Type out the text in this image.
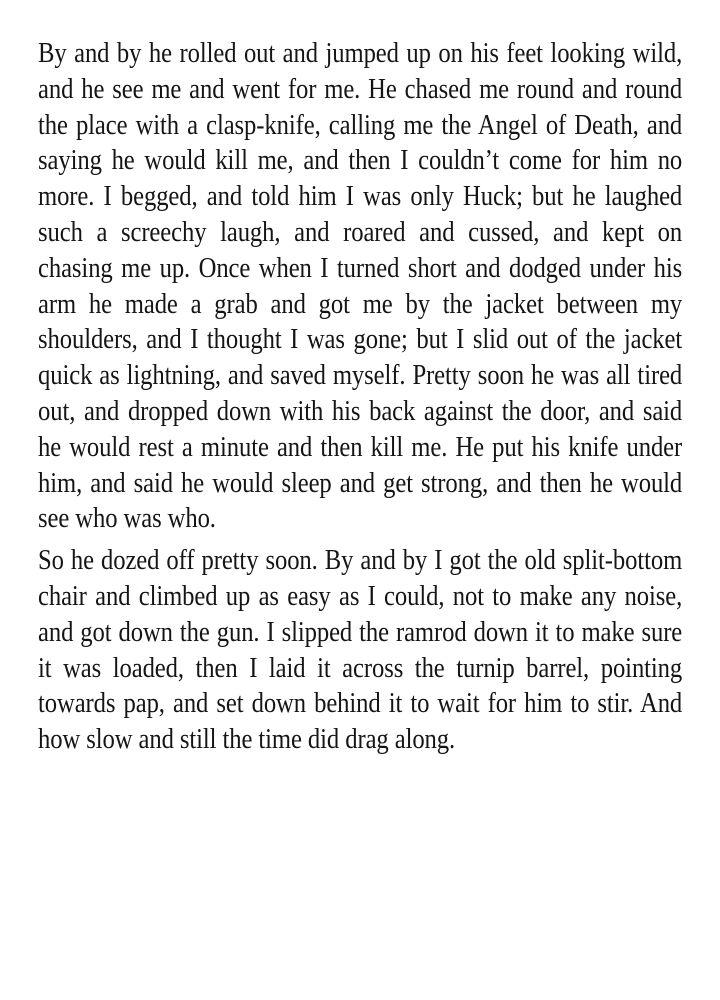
By and by he rolled out and jumped up on his feet looking wild, and he see me and went for me. He chased me round and round the place with a clasp-knife, calling me the Angel of Death, and saying he would kill me, and then I couldn’t come for him no more. I begged, and told him I was only Huck; but he laughed such a screechy laugh, and roared and cussed, and kept on chasing me up. Once when I turned short and dodged under his arm he made a grab and got me by the jacket between my shoulders, and I thought I was gone; but I slid out of the jacket quick as lightning, and saved myself. Pretty soon he was all tired out, and dropped down with his back against the door, and said he would rest a minute and then kill me. He put his knife under him, and said he would sleep and get strong, and then he would see who was who.

So he dozed off pretty soon. By and by I got the old split-bottom chair and climbed up as easy as I could, not to make any noise, and got down the gun. I slipped the ramrod down it to make sure it was loaded, then I laid it across the turnip barrel, pointing towards pap, and set down behind it to wait for him to stir. And how slow and still the time did drag along.
